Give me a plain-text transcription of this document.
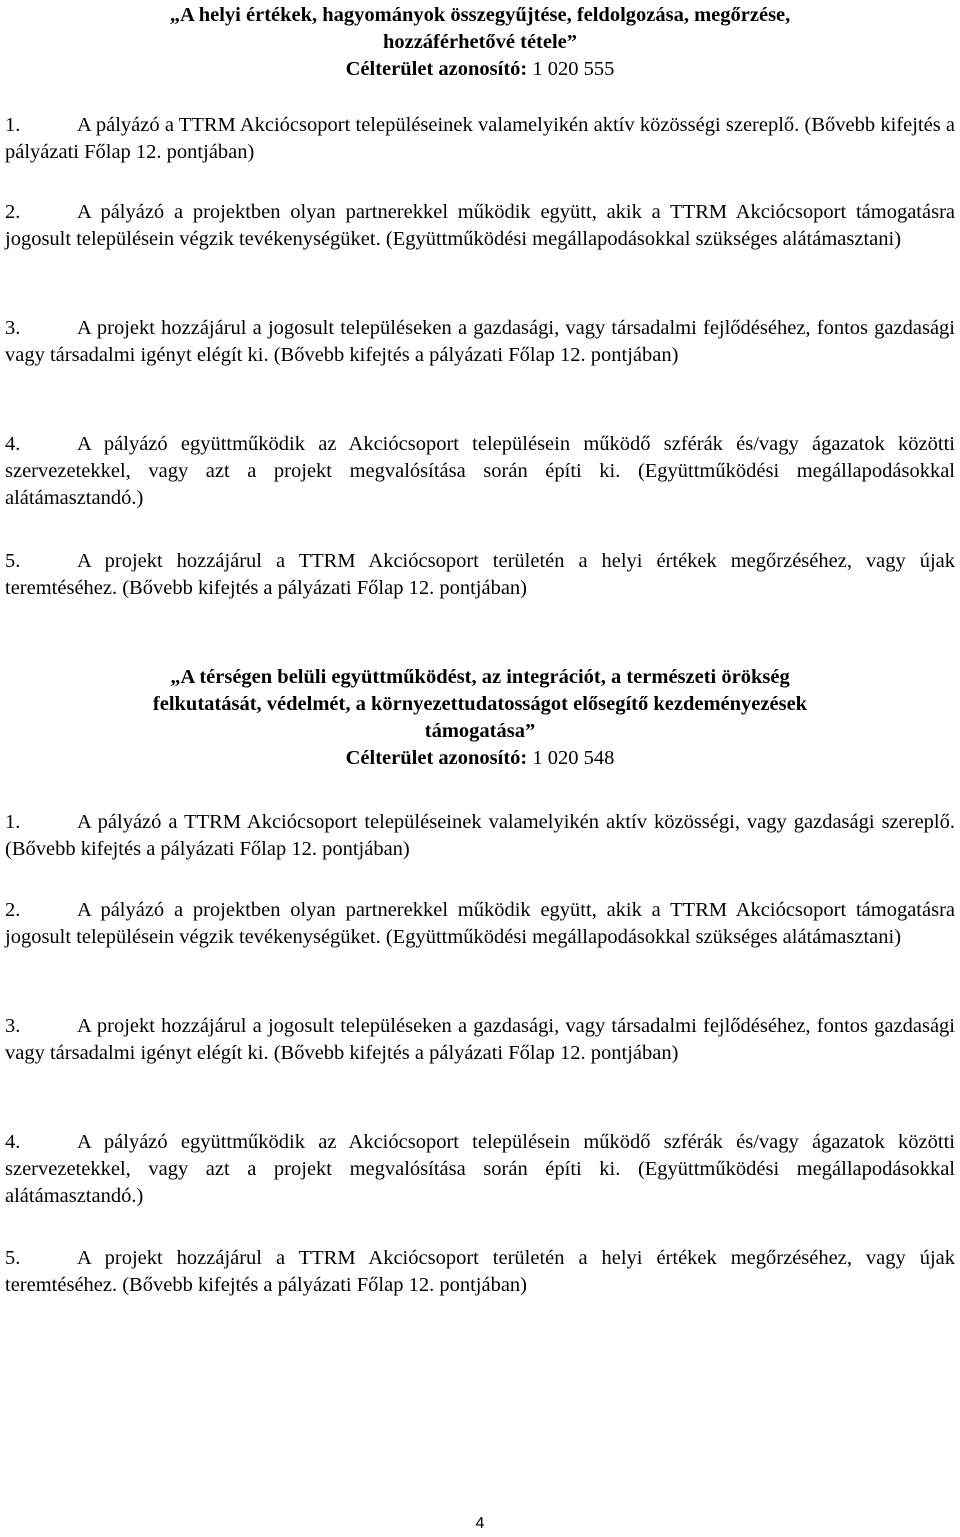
„A helyi értékek, hagyományok összegyűjtése, feldolgozása, megőrzése,
hozzáférhetővé tétele”
Célterület azonosító: 1 020 555
1.	A pályázó a TTRM Akciócsoport településeinek valamelyikén aktív közösségi szereplő. (Bővebb kifejtés a pályázati Főlap 12. pontjában)
2.	A pályázó a projektben olyan partnerekkel működik együtt, akik a TTRM Akciócsoport támogatásra jogosult településein végzik tevékenységüket. (Együttműködési megállapodásokkal szükséges alátámasztani)
3.	A projekt hozzájárul a jogosult településeken a gazdasági, vagy társadalmi fejlődéséhez, fontos gazdasági vagy társadalmi igényt elégít ki. (Bővebb kifejtés a pályázati Főlap 12. pontjában)
4.	A pályázó együttműködik az Akciócsoport településein működő szférák és/vagy ágazatok közötti szervezetekkel, vagy azt a projekt megvalósítása során építi ki. (Együttműködési megállapodásokkal alátámasztandó.)
5.	A projekt hozzájárul a TTRM Akciócsoport területén a helyi értékek megőrzéséhez, vagy újak teremtéséhez. (Bővebb kifejtés a pályázati Főlap 12. pontjában)
„A térségen belüli együttműködést, az integrációt, a természeti örökség
felkutatását, védelmét, a környezettudatosságot elősegítő kezdeményezések
támogatása”
Célterület azonosító: 1 020 548
1.	A pályázó a TTRM Akciócsoport településeinek valamelyikén aktív közösségi, vagy gazdasági szereplő. (Bővebb kifejtés a pályázati Főlap 12. pontjában)
2.	A pályázó a projektben olyan partnerekkel működik együtt, akik a TTRM Akciócsoport támogatásra jogosult településein végzik tevékenységüket. (Együttműködési megállapodásokkal szükséges alátámasztani)
3.	A projekt hozzájárul a jogosult településeken a gazdasági, vagy társadalmi fejlődéséhez, fontos gazdasági vagy társadalmi igényt elégít ki. (Bővebb kifejtés a pályázati Főlap 12. pontjában)
4.	A pályázó együttműködik az Akciócsoport településein működő szférák és/vagy ágazatok közötti szervezetekkel, vagy azt a projekt megvalósítása során építi ki. (Együttműködési megállapodásokkal alátámasztandó.)
5.	A projekt hozzájárul a TTRM Akciócsoport területén a helyi értékek megőrzéséhez, vagy újak teremtéséhez. (Bővebb kifejtés a pályázati Főlap 12. pontjában)
4
